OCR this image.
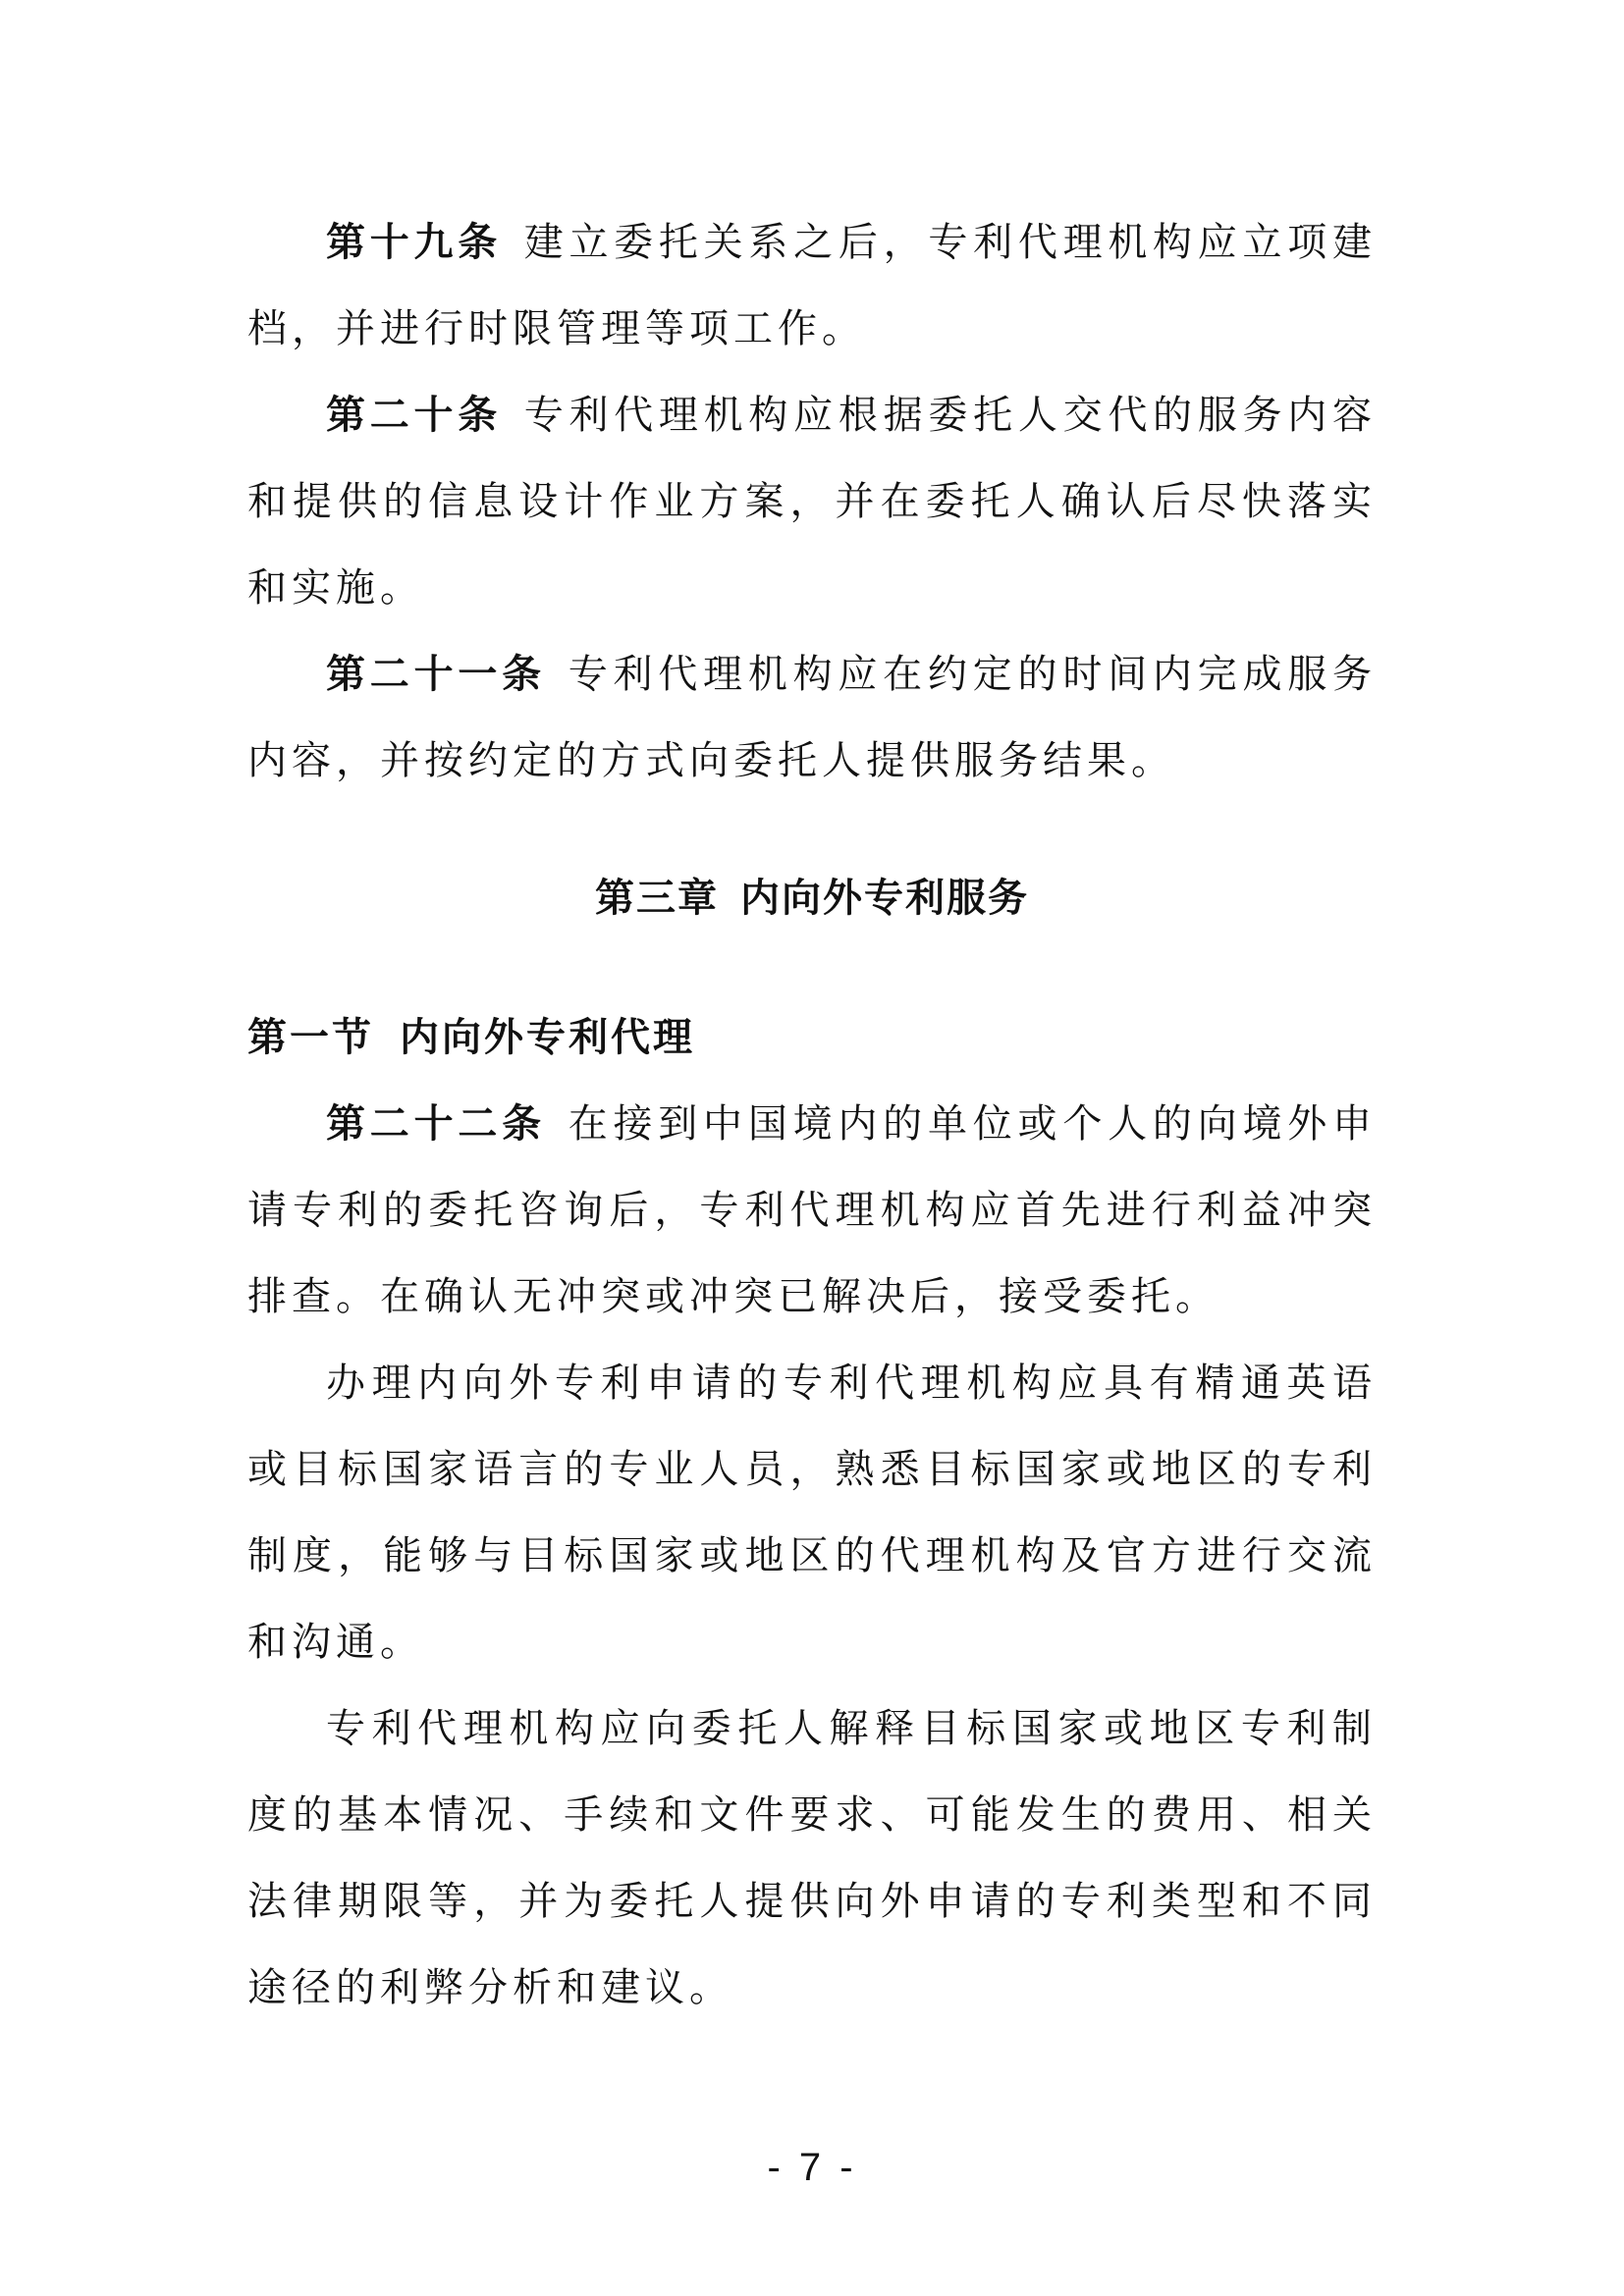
第十九条 建立委托关系之后，专利代理机构应立项建档，并进行时限管理等项工作。

第二十条 专利代理机构应根据委托人交代的服务内容和提供的信息设计作业方案，并在委托人确认后尽快落实和实施。

第二十一条 专利代理机构应在约定的时间内完成服务内容，并按约定的方式向委托人提供服务结果。

第三章 内向外专利服务

第一节 内向外专利代理

第二十二条 在接到中国境内的单位或个人的向境外申请专利的委托咨询后，专利代理机构应首先进行利益冲突排查。在确认无冲突或冲突已解决后，接受委托。

办理内向外专利申请的专利代理机构应具有精通英语或目标国家语言的专业人员，熟悉目标国家或地区的专利制度，能够与目标国家或地区的代理机构及官方进行交流和沟通。

专利代理机构应向委托人解释目标国家或地区专利制度的基本情况、手续和文件要求、可能发生的费用、相关法律期限等，并为委托人提供向外申请的专利类型和不同途径的利弊分析和建议。

- 7 -
